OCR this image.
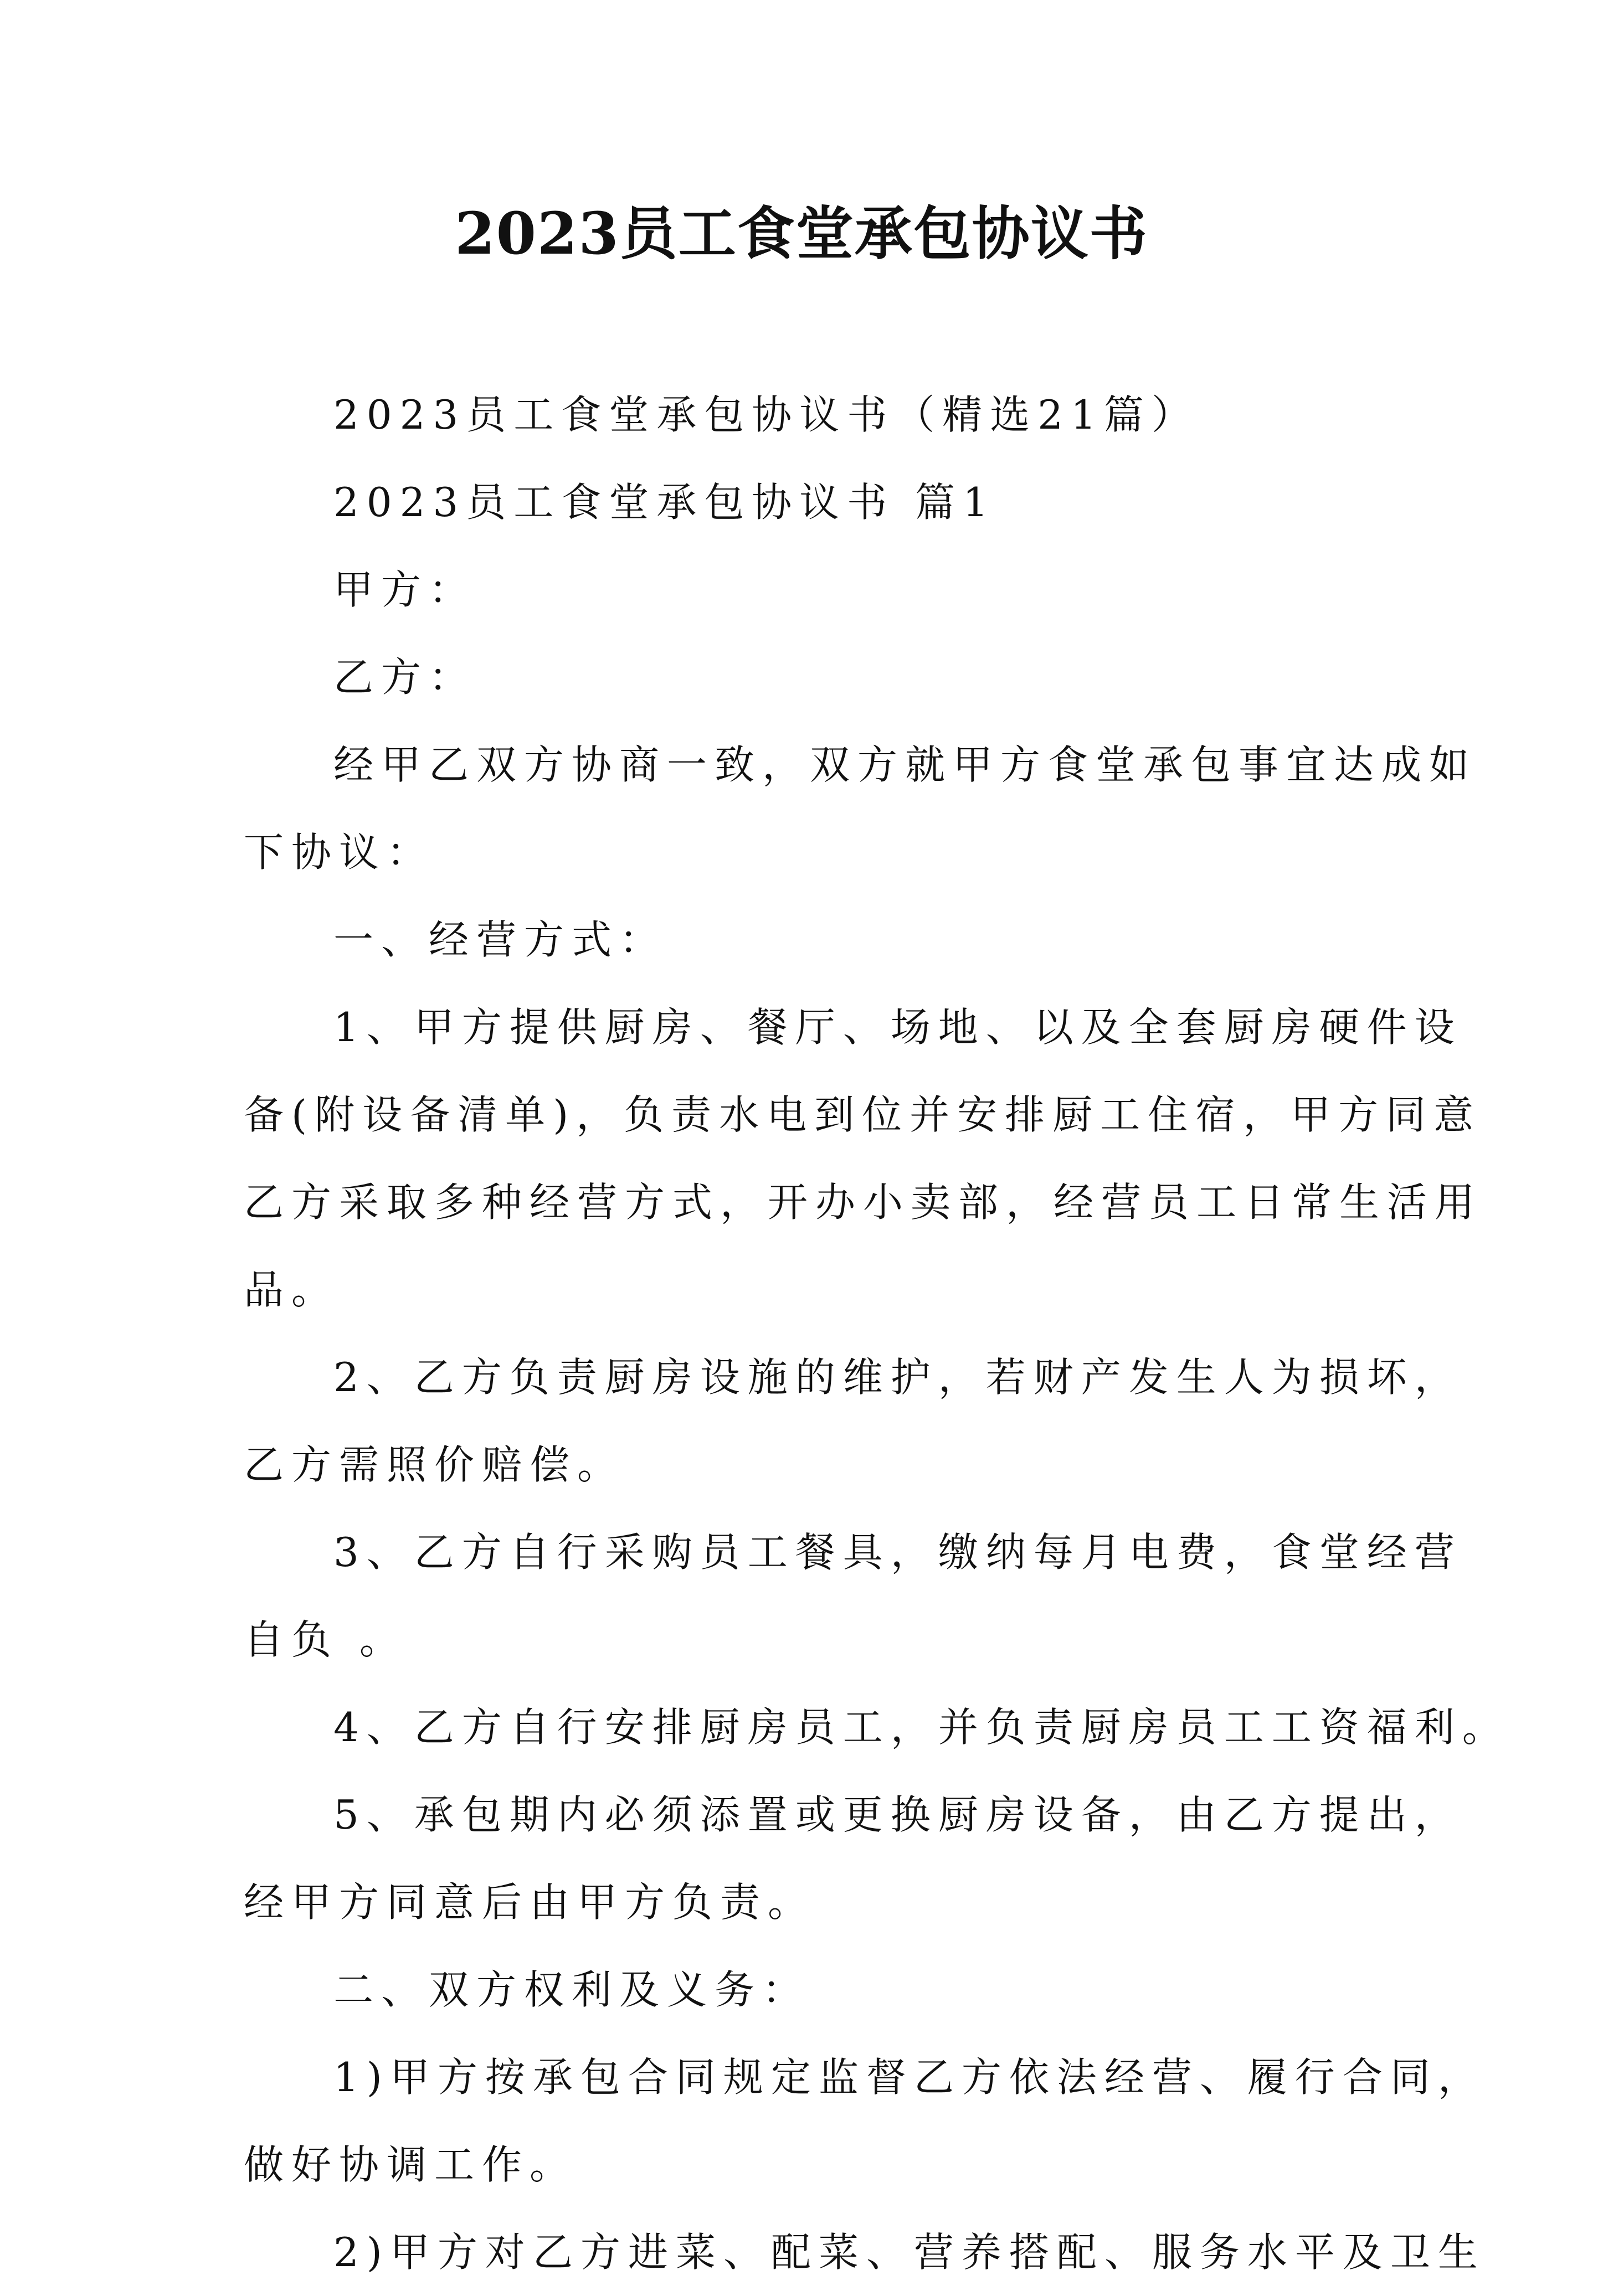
2023员工食堂承包协议书

2023员工食堂承包协议书（精选21篇）

2023员工食堂承包协议书 篇1

甲方：

乙方：

经甲乙双方协商一致，双方就甲方食堂承包事宜达成如

下协议：

一、经营方式：

1、甲方提供厨房、餐厅、场地、以及全套厨房硬件设

备(附设备清单)，负责水电到位并安排厨工住宿，甲方同意

乙方采取多种经营方式，开办小卖部，经营员工日常生活用

品。

2、乙方负责厨房设施的维护，若财产发生人为损坏，

乙方需照价赔偿。

3、乙方自行采购员工餐具，缴纳每月电费，食堂经营

自负 。

4、乙方自行安排厨房员工，并负责厨房员工工资福利。

5、承包期内必须添置或更换厨房设备，由乙方提出，

经甲方同意后由甲方负责。

二、双方权利及义务：

1)甲方按承包合同规定监督乙方依法经营、履行合同，

做好协调工作。

2)甲方对乙方进菜、配菜、营养搭配、服务水平及卫生
